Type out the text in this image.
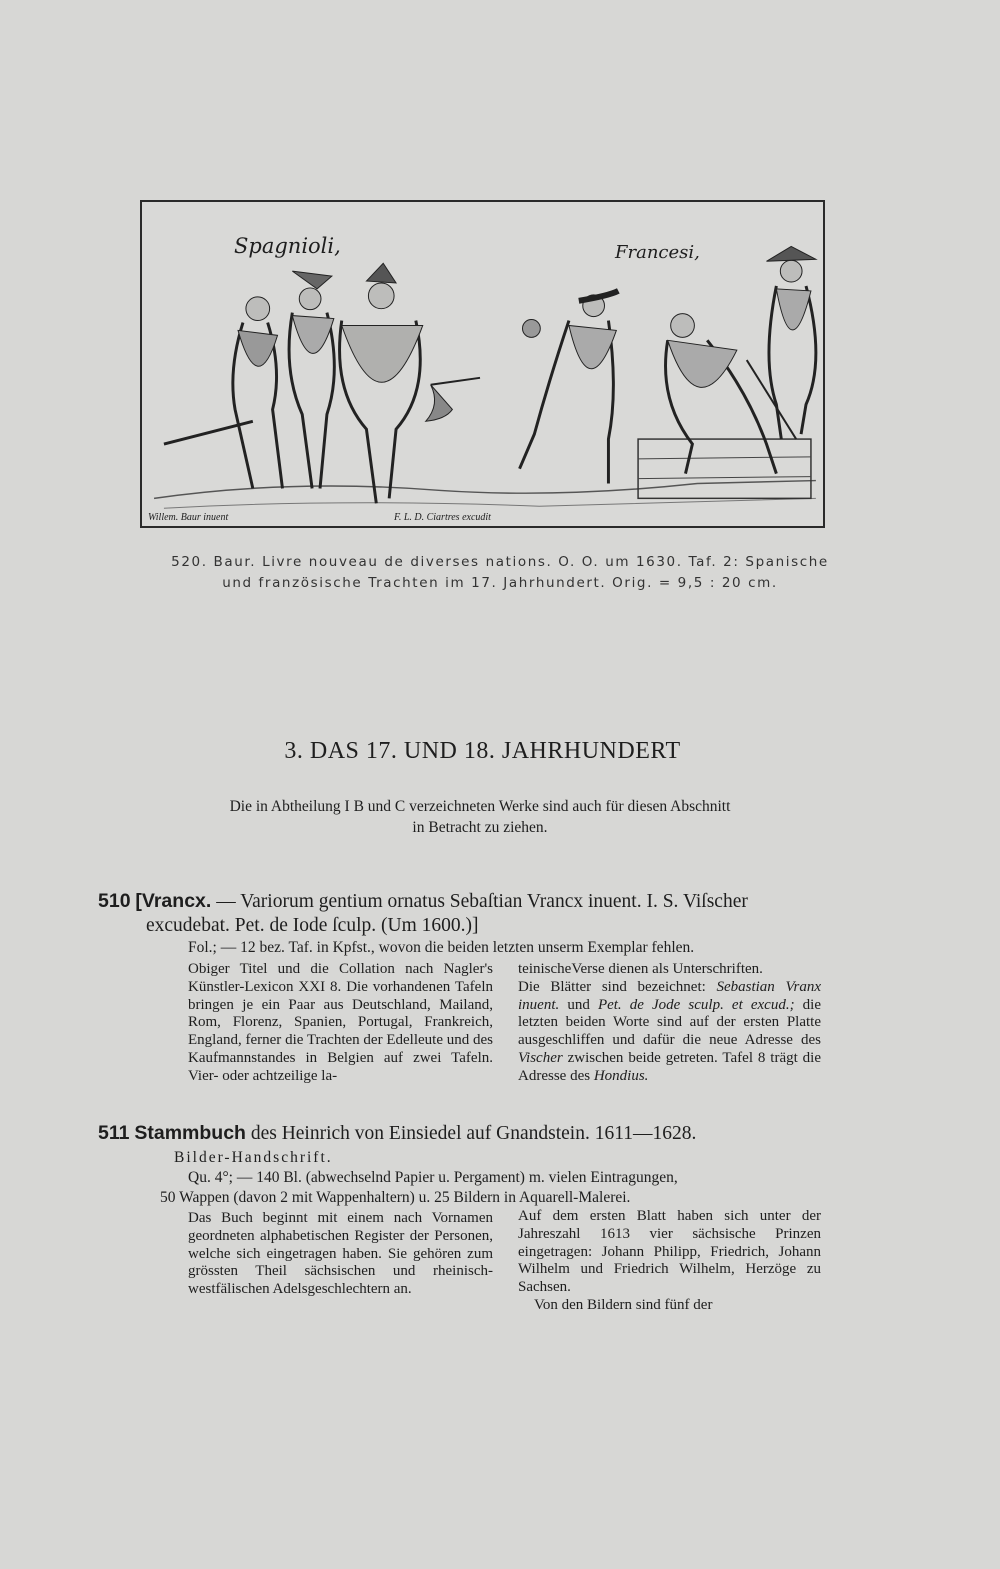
Spagnioli,	Francesi,
Willem. Baur inuent	F. L. D. Ciartres excudit
520. Baur. Livre nouveau de diverses nations. O. O. um 1630. Taf. 2: Spanische
und französische Trachten im 17. Jahrhundert. Orig. = 9,5 : 20 cm.
3. DAS 17. UND 18. JAHRHUNDERT
Die in Abtheilung I B und C verzeichneten Werke sind auch für diesen Abschnitt
in Betracht zu ziehen.
510 [Vrancx. — Variorum gentium ornatus Sebaſtian Vrancx inuent. I. S. Viſscher
excudebat. Pet. de Iode ſculp. (Um 1600.)]
Fol.; — 12 bez. Taf. in Kpfst., wovon die beiden letzten unserm Exemplar fehlen.

Obiger Titel und die Collation nach Nagler's Künstler-Lexicon XXI 8. Die vorhandenen Tafeln bringen je ein Paar aus Deutschland, Mailand, Rom, Florenz, Spanien, Portugal, Frankreich, England, ferner die Trachten der Edelleute und des Kaufmannstandes in Belgien auf zwei Tafeln. Vier- oder achtzeilige la-

teinischeVerse dienen als Unterschriften.

Die Blätter sind bezeichnet: Sebastian Vranx inuent. und Pet. de Jode sculp. et excud.; die letzten beiden Worte sind auf der ersten Platte ausgeschliffen und dafür die neue Adresse des Vischer zwischen beide getreten. Tafel 8 trägt die Adresse des Hondius.

511 Stammbuch des Heinrich von Einsiedel auf Gnandstein. 1611—1628.
Bilder-Handschrift.
Qu. 4°; — 140 Bl. (abwechselnd Papier u. Pergament) m. vielen Eintragungen,
50 Wappen (davon 2 mit Wappenhaltern) u. 25 Bildern in Aquarell-Malerei.

Das Buch beginnt mit einem nach Vornamen geordneten alphabetischen Register der Personen, welche sich eingetragen haben. Sie gehören zum grössten Theil sächsischen und rheinisch-westfälischen Adelsgeschlechtern an.

Auf dem ersten Blatt haben sich unter der Jahreszahl 1613 vier sächsische Prinzen eingetragen: Johann Philipp, Friedrich, Johann Wilhelm und Friedrich Wilhelm, Herzöge zu Sachsen.

Von den Bildern sind fünf der
